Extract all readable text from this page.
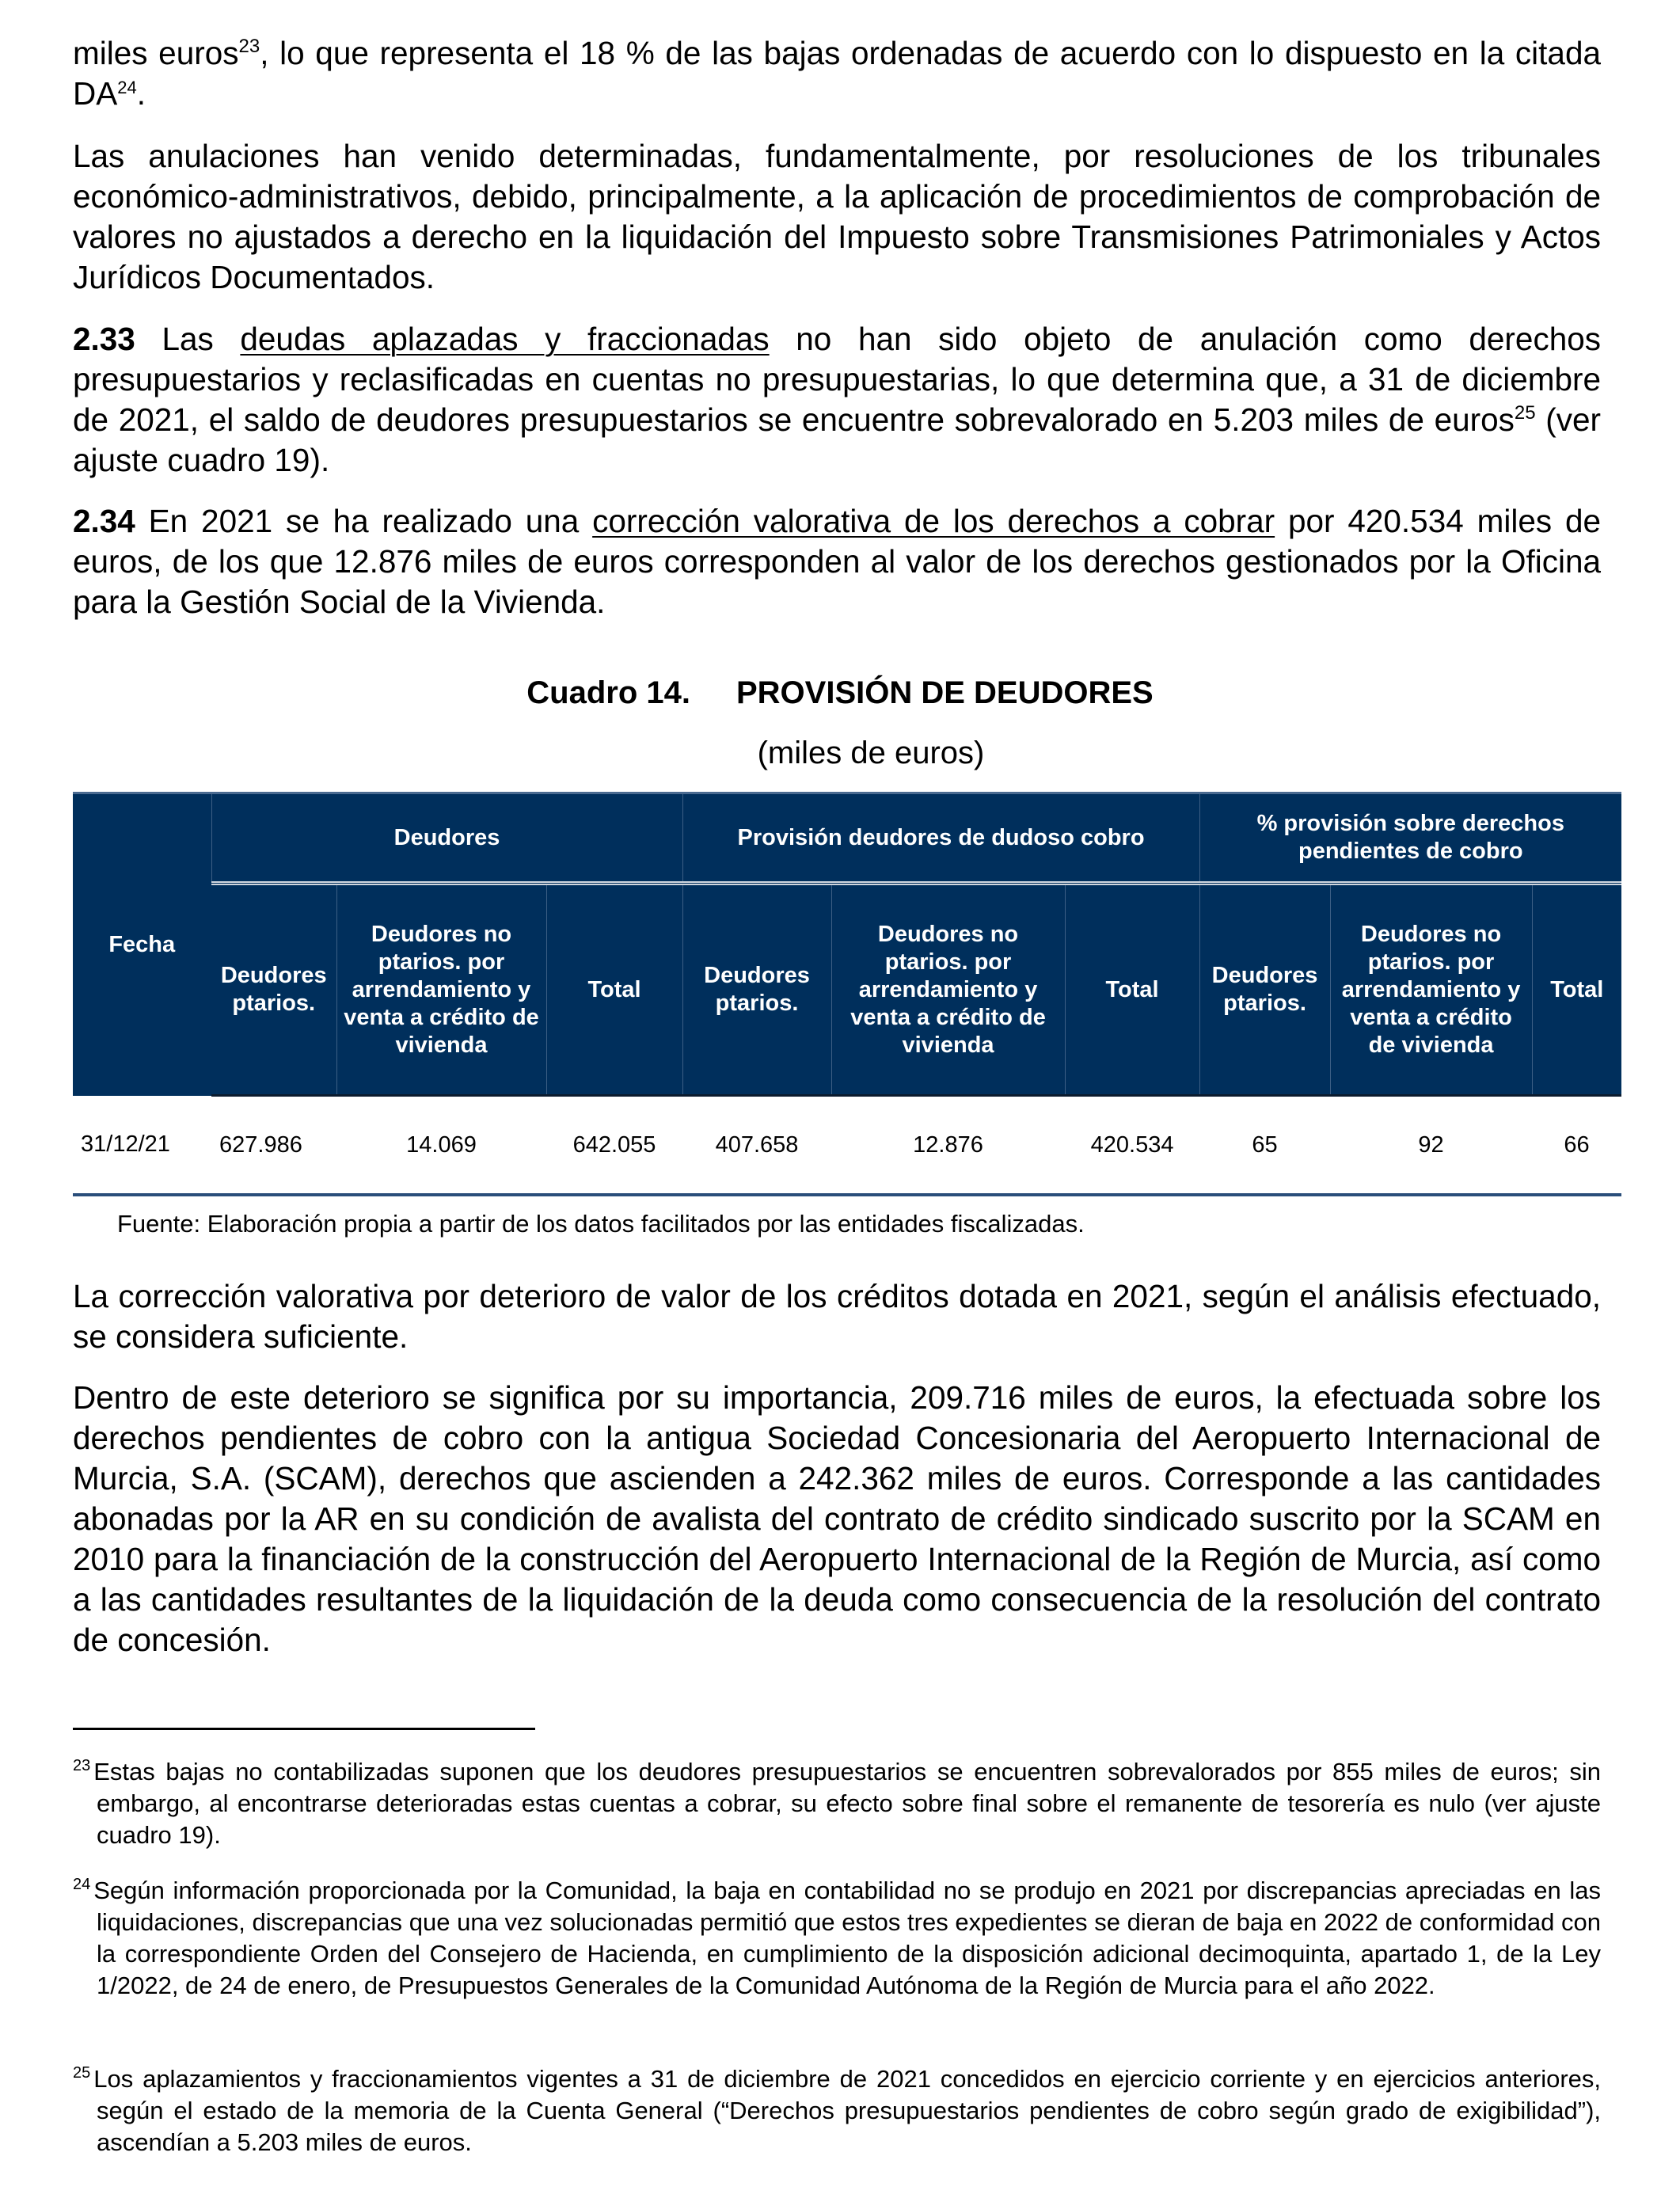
miles euros$^{23}$, lo que representa el 18 % de las bajas ordenadas de acuerdo con lo dispuesto en la citada DA$^{24}$.

Las anulaciones han venido determinadas, fundamentalmente, por resoluciones de los tribunales económico-administrativos, debido, principalmente, a la aplicación de procedimientos de comprobación de valores no ajustados a derecho en la liquidación del Impuesto sobre Transmisiones Patrimoniales y Actos Jurídicos Documentados.

2.33 Las deudas aplazadas y fraccionadas no han sido objeto de anulación como derechos presupuestarios y reclasificadas en cuentas no presupuestarias, lo que determina que, a 31 de diciembre de 2021, el saldo de deudores presupuestarios se encuentre sobrevalorado en 5.203 miles de euros$^{25}$ (ver ajuste cuadro 19).

2.34 En 2021 se ha realizado una corrección valorativa de los derechos a cobrar por 420.534 miles de euros, de los que 12.876 miles de euros corresponden al valor de los derechos gestionados por la Oficina para la Gestión Social de la Vivienda.

Cuadro 14. PROVISIÓN DE DEUDORES
(miles de euros)
Fecha	Deudores			Provisión deudores de dudoso cobro			% provisión sobre derechos pendientes de cobro		
	Deudores ptarios.	Deudores no ptarios. por arrendamiento y venta a crédito de vivienda	Total	Deudores ptarios.	Deudores no ptarios. por arrendamiento y venta a crédito de vivienda	Total	Deudores ptarios.	Deudores no ptarios. por arrendamiento y venta a crédito de vivienda	Total
31/12/21	627.986	14.069	642.055	407.658	12.876	420.534	65	92	66
Fuente: Elaboración propia a partir de los datos facilitados por las entidades fiscalizadas.

La corrección valorativa por deterioro de valor de los créditos dotada en 2021, según el análisis efectuado, se considera suficiente.

Dentro de este deterioro se significa por su importancia, 209.716 miles de euros, la efectuada sobre los derechos pendientes de cobro con la antigua Sociedad Concesionaria del Aeropuerto Internacional de Murcia, S.A. (SCAM), derechos que ascienden a 242.362 miles de euros. Corresponde a las cantidades abonadas por la AR en su condición de avalista del contrato de crédito sindicado suscrito por la SCAM en 2010 para la financiación de la construcción del Aeropuerto Internacional de la Región de Murcia, así como a las cantidades resultantes de la liquidación de la deuda como consecuencia de la resolución del contrato de concesión.

$^{23}$ Estas bajas no contabilizadas suponen que los deudores presupuestarios se encuentren sobrevalorados por 855 miles de euros; sin embargo, al encontrarse deterioradas estas cuentas a cobrar, su efecto sobre final sobre el remanente de tesorería es nulo (ver ajuste cuadro 19).

$^{24}$ Según información proporcionada por la Comunidad, la baja en contabilidad no se produjo en 2021 por discrepancias apreciadas en las liquidaciones, discrepancias que una vez solucionadas permitió que estos tres expedientes se dieran de baja en 2022 de conformidad con la correspondiente Orden del Consejero de Hacienda, en cumplimiento de la disposición adicional decimoquinta, apartado 1, de la Ley 1/2022, de 24 de enero, de Presupuestos Generales de la Comunidad Autónoma de la Región de Murcia para el año 2022.

$^{25}$ Los aplazamientos y fraccionamientos vigentes a 31 de diciembre de 2021 concedidos en ejercicio corriente y en ejercicios anteriores, según el estado de la memoria de la Cuenta General (“Derechos presupuestarios pendientes de cobro según grado de exigibilidad”), ascendían a 5.203 miles de euros.
